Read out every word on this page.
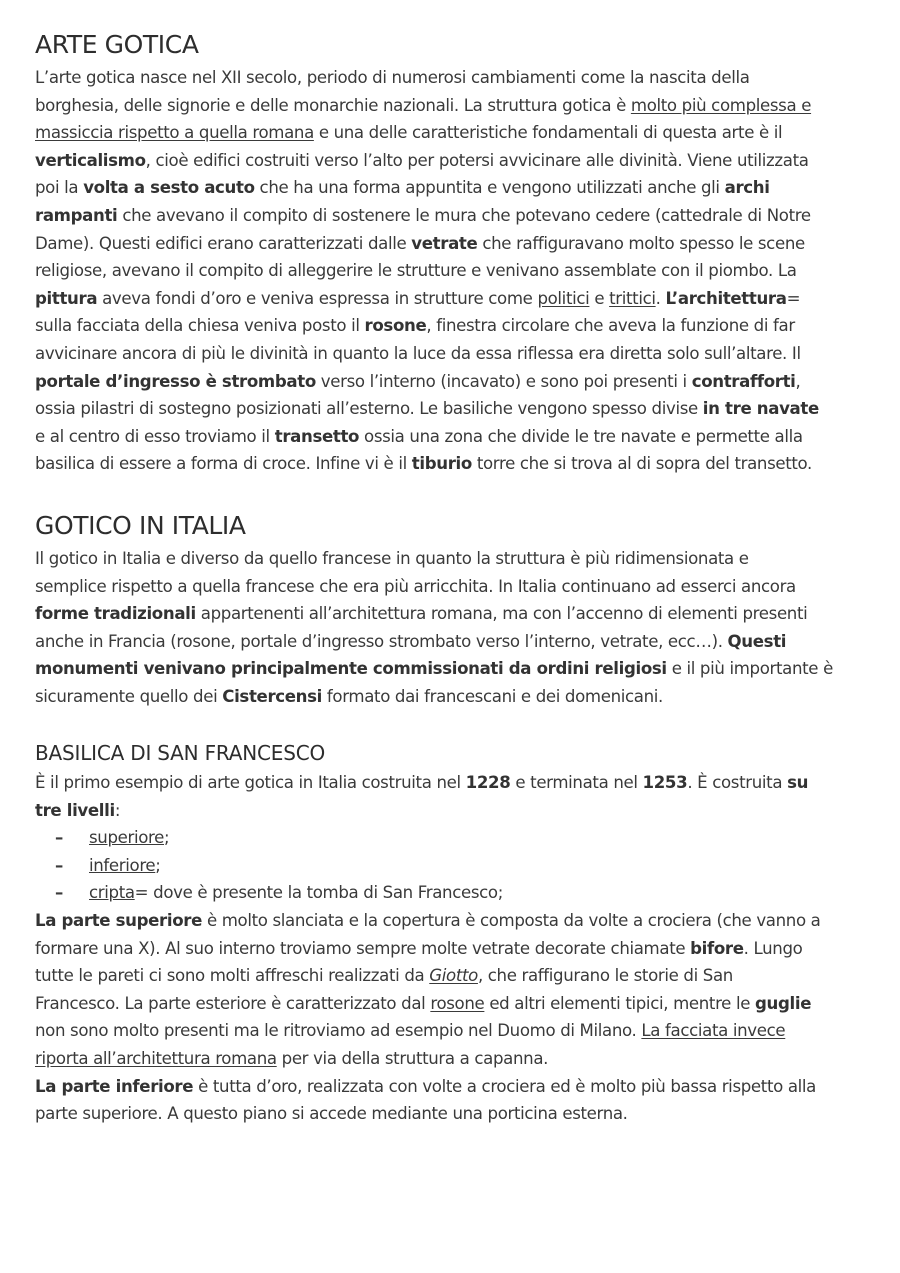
ARTE GOTICA
L’arte gotica nasce nel XII secolo, periodo di numerosi cambiamenti come la nascita della
borghesia, delle signorie e delle monarchie nazionali. La struttura gotica è molto più complessa e
massiccia rispetto a quella romana e una delle caratteristiche fondamentali di questa arte è il
verticalismo, cioè edifici costruiti verso l’alto per potersi avvicinare alle divinità. Viene utilizzata
poi la volta a sesto acuto che ha una forma appuntita e vengono utilizzati anche gli archi
rampanti che avevano il compito di sostenere le mura che potevano cedere (cattedrale di Notre
Dame). Questi edifici erano caratterizzati dalle vetrate che raffiguravano molto spesso le scene
religiose, avevano il compito di alleggerire le strutture e venivano assemblate con il piombo. La
pittura aveva fondi d’oro e veniva espressa in strutture come politici e trittici. L’architettura=
sulla facciata della chiesa veniva posto il rosone, finestra circolare che aveva la funzione di far
avvicinare ancora di più le divinità in quanto la luce da essa riflessa era diretta solo sull’altare. Il
portale d’ingresso è strombato verso l’interno (incavato) e sono poi presenti i contrafforti,
ossia pilastri di sostegno posizionati all’esterno. Le basiliche vengono spesso divise in tre navate
e al centro di esso troviamo il transetto ossia una zona che divide le tre navate e permette alla
basilica di essere a forma di croce. Infine vi è il tiburio torre che si trova al di sopra del transetto.
GOTICO IN ITALIA
Il gotico in Italia e diverso da quello francese in quanto la struttura è più ridimensionata e
semplice rispetto a quella francese che era più arricchita. In Italia continuano ad esserci ancora
forme tradizionali appartenenti all’architettura romana, ma con l’accenno di elementi presenti
anche in Francia (rosone, portale d’ingresso strombato verso l’interno, vetrate, ecc…). Questi
monumenti venivano principalmente commissionati da ordini religiosi e il più importante è
sicuramente quello dei Cistercensi formato dai francescani e dei domenicani.
BASILICA DI SAN FRANCESCO
È il primo esempio di arte gotica in Italia costruita nel 1228 e terminata nel 1253. È costruita su
tre livelli:
– superiore;
– inferiore;
– cripta= dove è presente la tomba di San Francesco;
La parte superiore è molto slanciata e la copertura è composta da volte a crociera (che vanno a
formare una X). Al suo interno troviamo sempre molte vetrate decorate chiamate bifore. Lungo
tutte le pareti ci sono molti affreschi realizzati da Giotto, che raffigurano le storie di San
Francesco. La parte esteriore è caratterizzato dal rosone ed altri elementi tipici, mentre le guglie
non sono molto presenti ma le ritroviamo ad esempio nel Duomo di Milano. La facciata invece
riporta all’architettura romana per via della struttura a capanna.
La parte inferiore è tutta d’oro, realizzata con volte a crociera ed è molto più bassa rispetto alla
parte superiore. A questo piano si accede mediante una porticina esterna.
